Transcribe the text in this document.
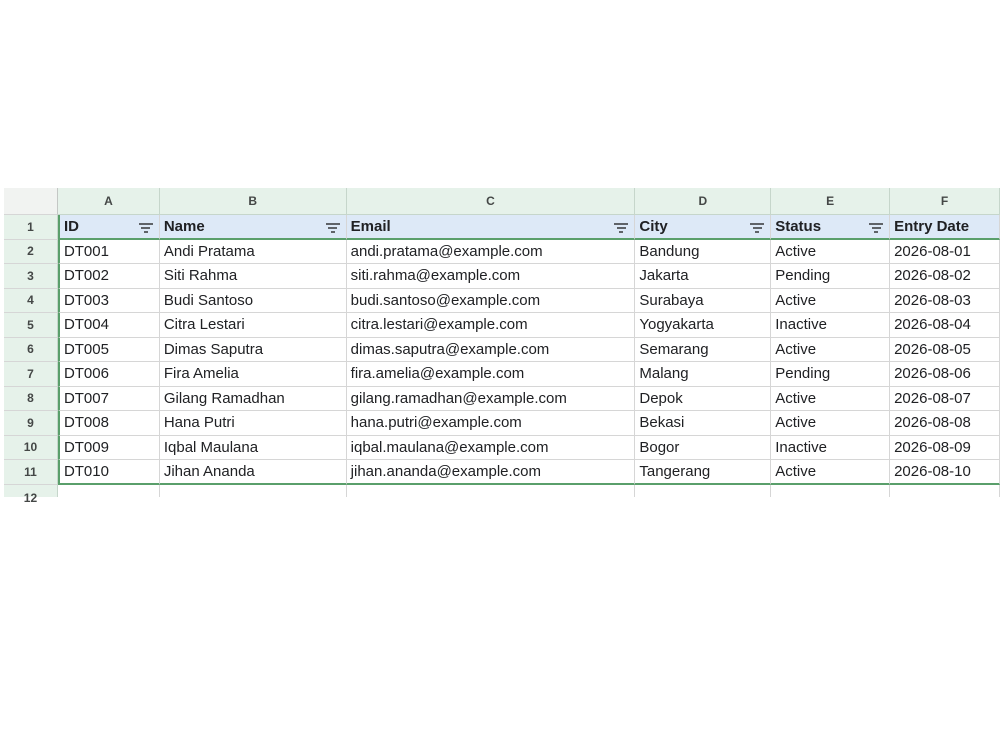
A	B	C	D	E	F
1	ID	Name	Email	City	Status	Entry Date
2	DT001	Andi Pratama	andi.pratama@example.com	Bandung	Active	2026-08-01
3	DT002	Siti Rahma	siti.rahma@example.com	Jakarta	Pending	2026-08-02
4	DT003	Budi Santoso	budi.santoso@example.com	Surabaya	Active	2026-08-03
5	DT004	Citra Lestari	citra.lestari@example.com	Yogyakarta	Inactive	2026-08-04
6	DT005	Dimas Saputra	dimas.saputra@example.com	Semarang	Active	2026-08-05
7	DT006	Fira Amelia	fira.amelia@example.com	Malang	Pending	2026-08-06
8	DT007	Gilang Ramadhan	gilang.ramadhan@example.com	Depok	Active	2026-08-07
9	DT008	Hana Putri	hana.putri@example.com	Bekasi	Active	2026-08-08
10	DT009	Iqbal Maulana	iqbal.maulana@example.com	Bogor	Inactive	2026-08-09
11	DT010	Jihan Ananda	jihan.ananda@example.com	Tangerang	Active	2026-08-10
12
